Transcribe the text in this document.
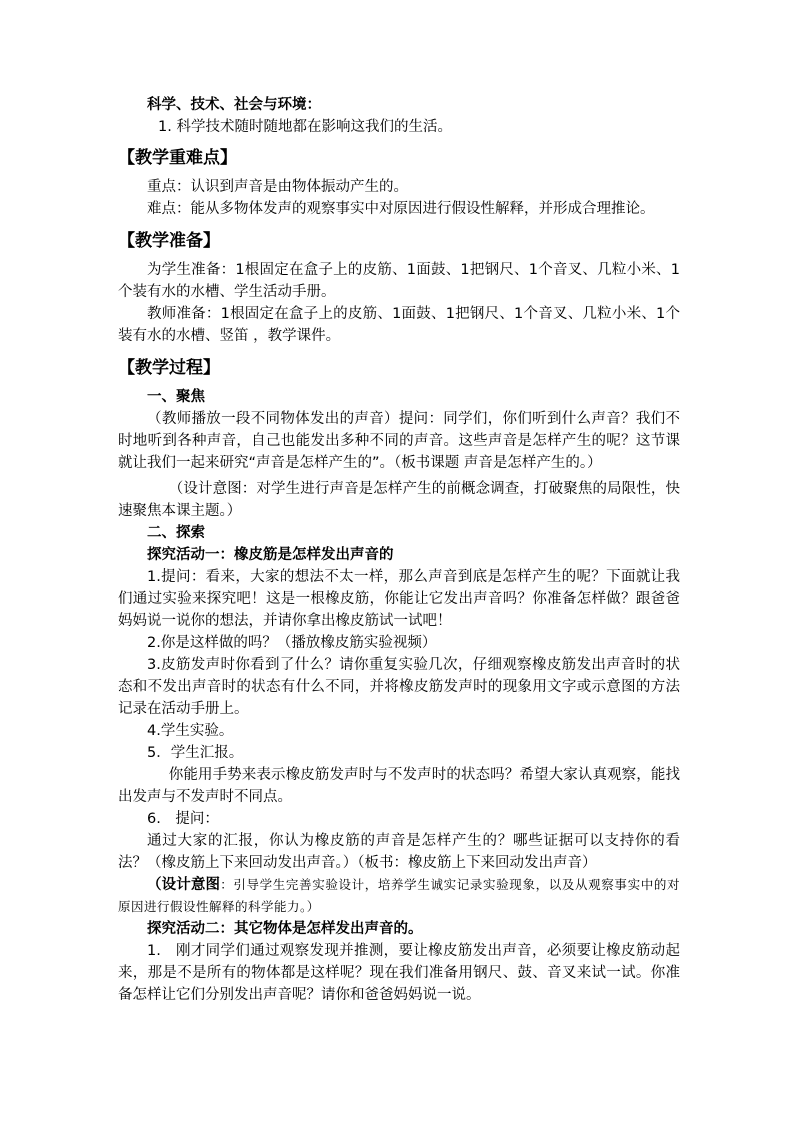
科学、技术、社会与环境：

1. 科学技术随时随地都在影响这我们的生活。

【教学重难点】

重点：认识到声音是由物体振动产生的。

难点：能从多物体发声的观察事实中对原因进行假设性解释，并形成合理推论。

【教学准备】

为学生准备：1根固定在盒子上的皮筋、1面鼓、1把钢尺、1个音叉、几粒小米、1个装有水的水槽、学生活动手册。

教师准备：1根固定在盒子上的皮筋、1面鼓、1把钢尺、1个音叉、几粒小米、1个装有水的水槽、竖笛 ，教学课件。

【教学过程】

一、聚焦

（教师播放一段不同物体发出的声音）提问：同学们，你们听到什么声音？我们不时地听到各种声音，自己也能发出多种不同的声音。这些声音是怎样产生的呢？这节课就让我们一起来研究“声音是怎样产生的”。（板书课题 声音是怎样产生的。）

（设计意图：对学生进行声音是怎样产生的前概念调查，打破聚焦的局限性，快速聚焦本课主题。）

二、探索

探究活动一：橡皮筋是怎样发出声音的

1.提问：看来，大家的想法不太一样，那么声音到底是怎样产生的呢？下面就让我们通过实验来探究吧！这是一根橡皮筋，你能让它发出声音吗？你准备怎样做？跟爸爸妈妈说一说你的想法，并请你拿出橡皮筋试一试吧！

2.你是这样做的吗？（播放橡皮筋实验视频）

3.皮筋发声时你看到了什么？请你重复实验几次，仔细观察橡皮筋发出声音时的状态和不发出声音时的状态有什么不同，并将橡皮筋发声时的现象用文字或示意图的方法记录在活动手册上。

4.学生实验。

5．学生汇报。

你能用手势来表示橡皮筋发声时与不发声时的状态吗？希望大家认真观察，能找出发声与不发声时不同点。

6.　提问：

通过大家的汇报，你认为橡皮筋的声音是怎样产生的？哪些证据可以支持你的看法？（橡皮筋上下来回动发出声音。）（板书：橡皮筋上下来回动发出声音）

（设计意图：引导学生完善实验设计，培养学生诚实记录实验现象，以及从观察事实中的对原因进行假设性解释的科学能力。）

探究活动二：其它物体是怎样发出声音的。

1.　刚才同学们通过观察发现并推测，要让橡皮筋发出声音，必须要让橡皮筋动起来，那是不是所有的物体都是这样呢？现在我们准备用钢尺、鼓、音叉来试一试。你准备怎样让它们分别发出声音呢？请你和爸爸妈妈说一说。
